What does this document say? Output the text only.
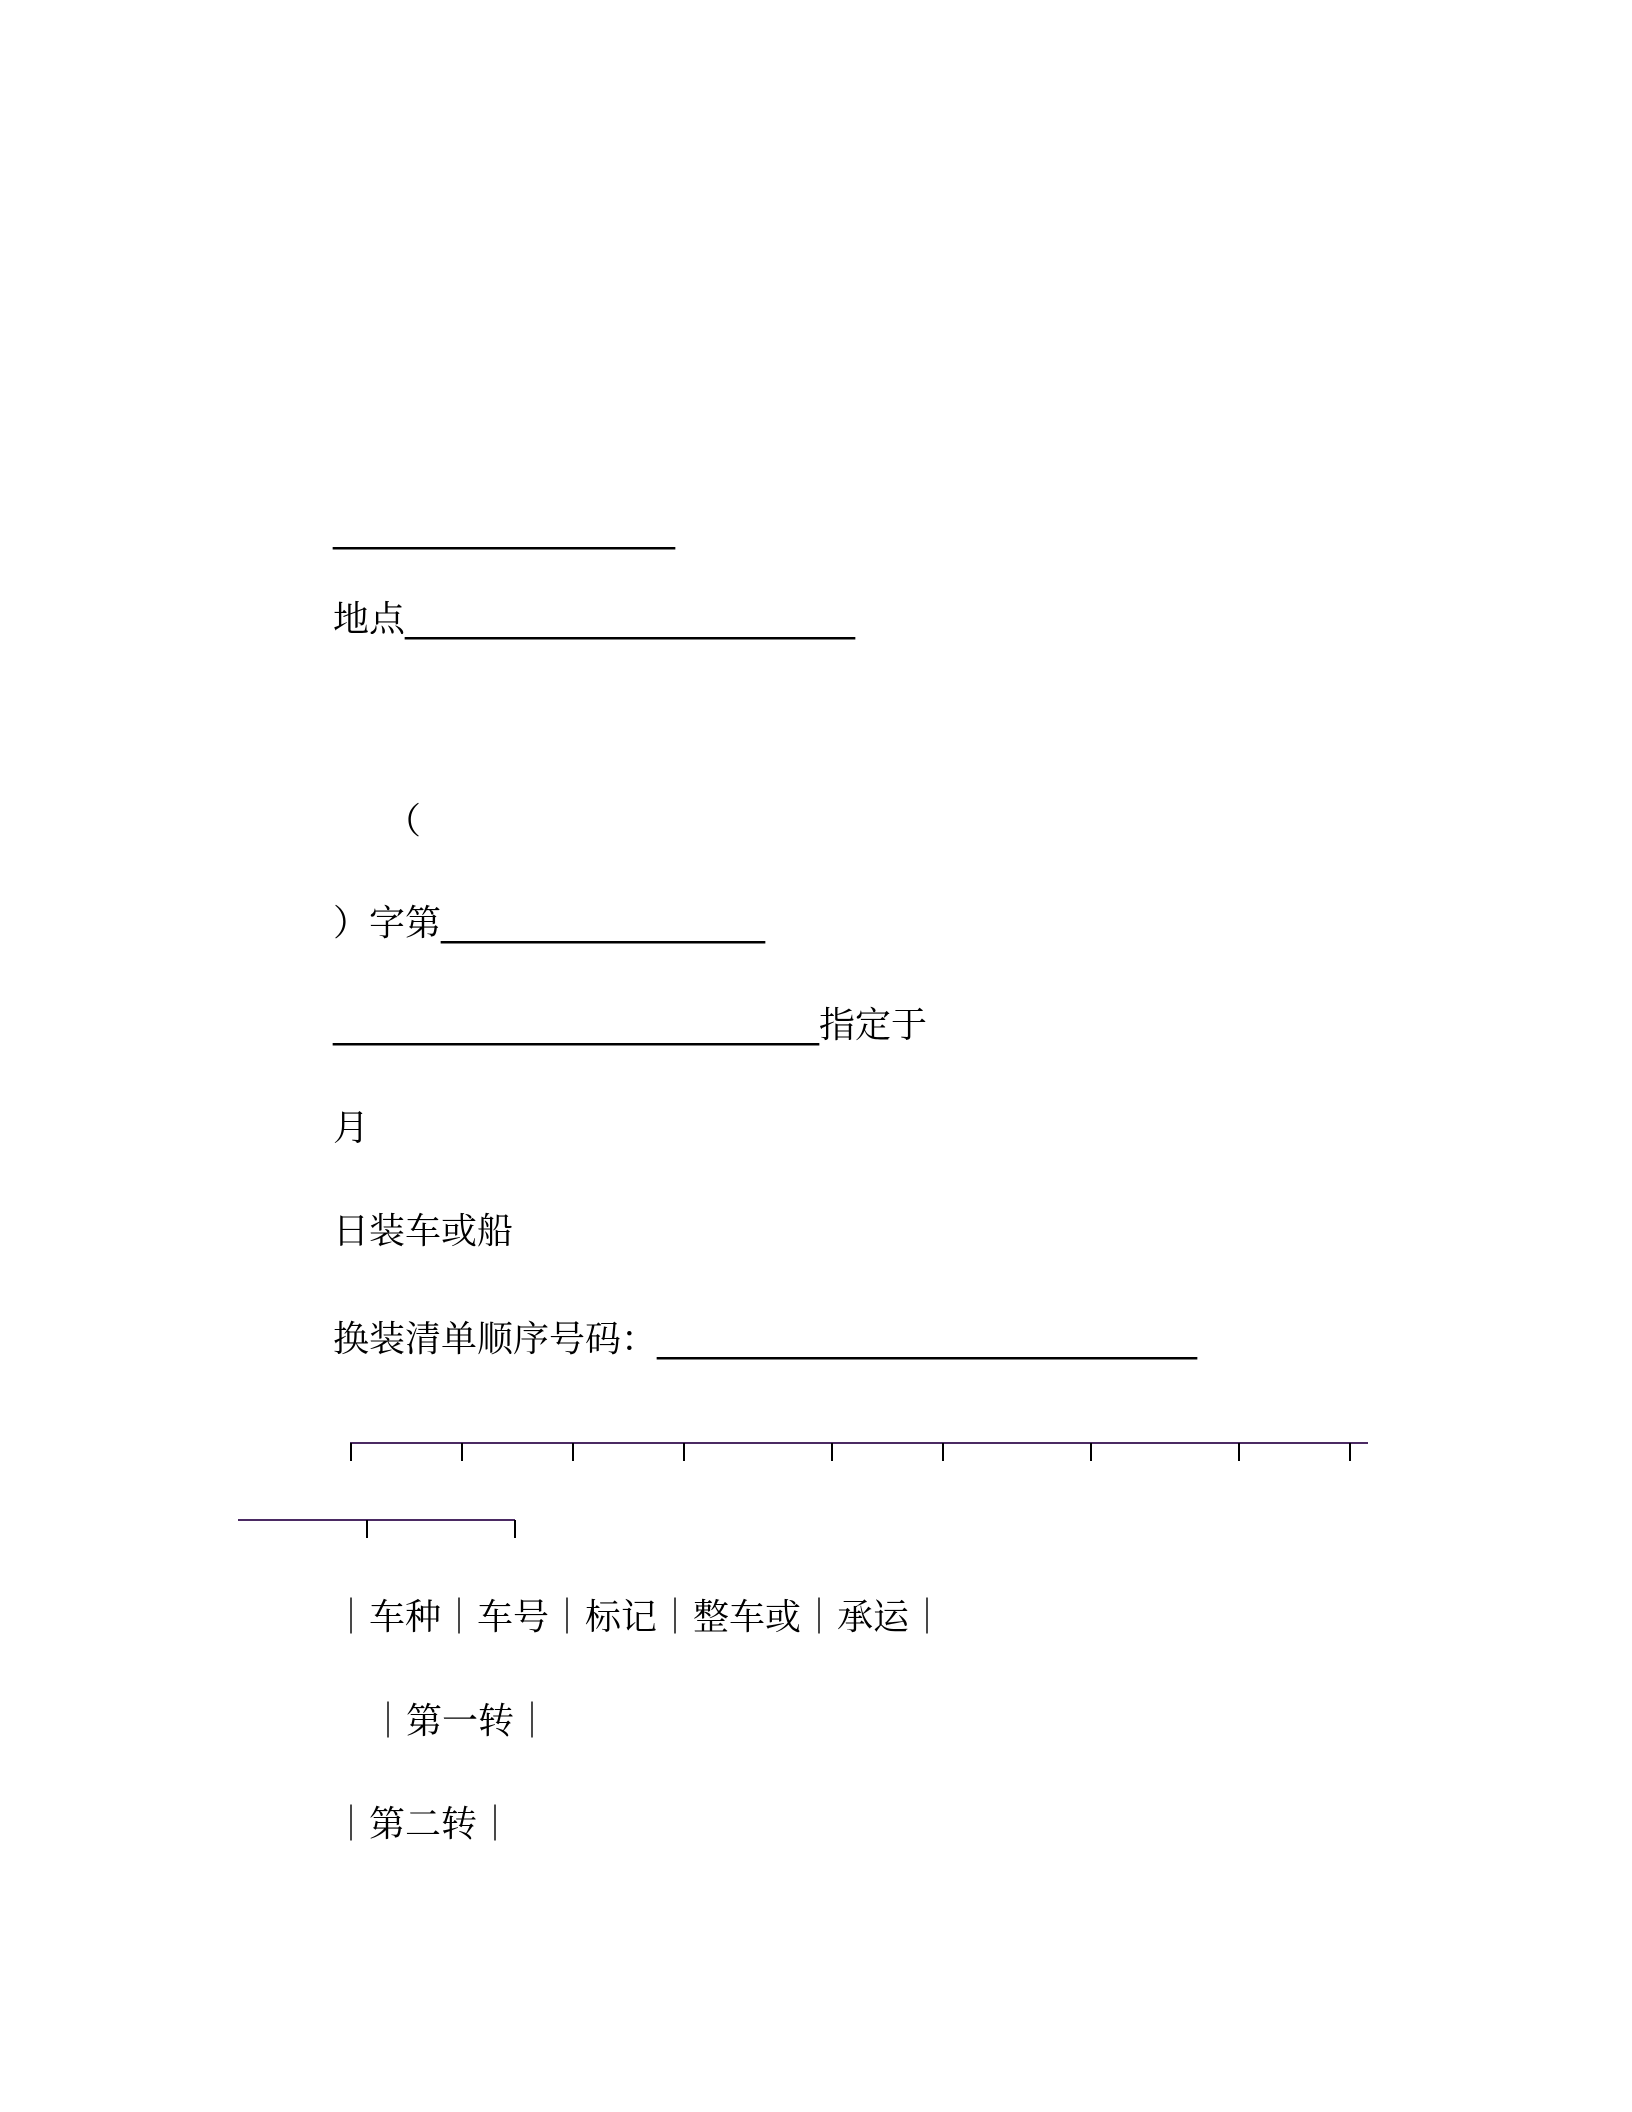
___________________
地点_________________________
（
）字第__________________
___________________________指定于
月
日装车或船
换装清单顺序号码：______________________________
｜车种｜车号｜标记｜整车或｜承运｜
｜第一转｜
｜第二转｜
